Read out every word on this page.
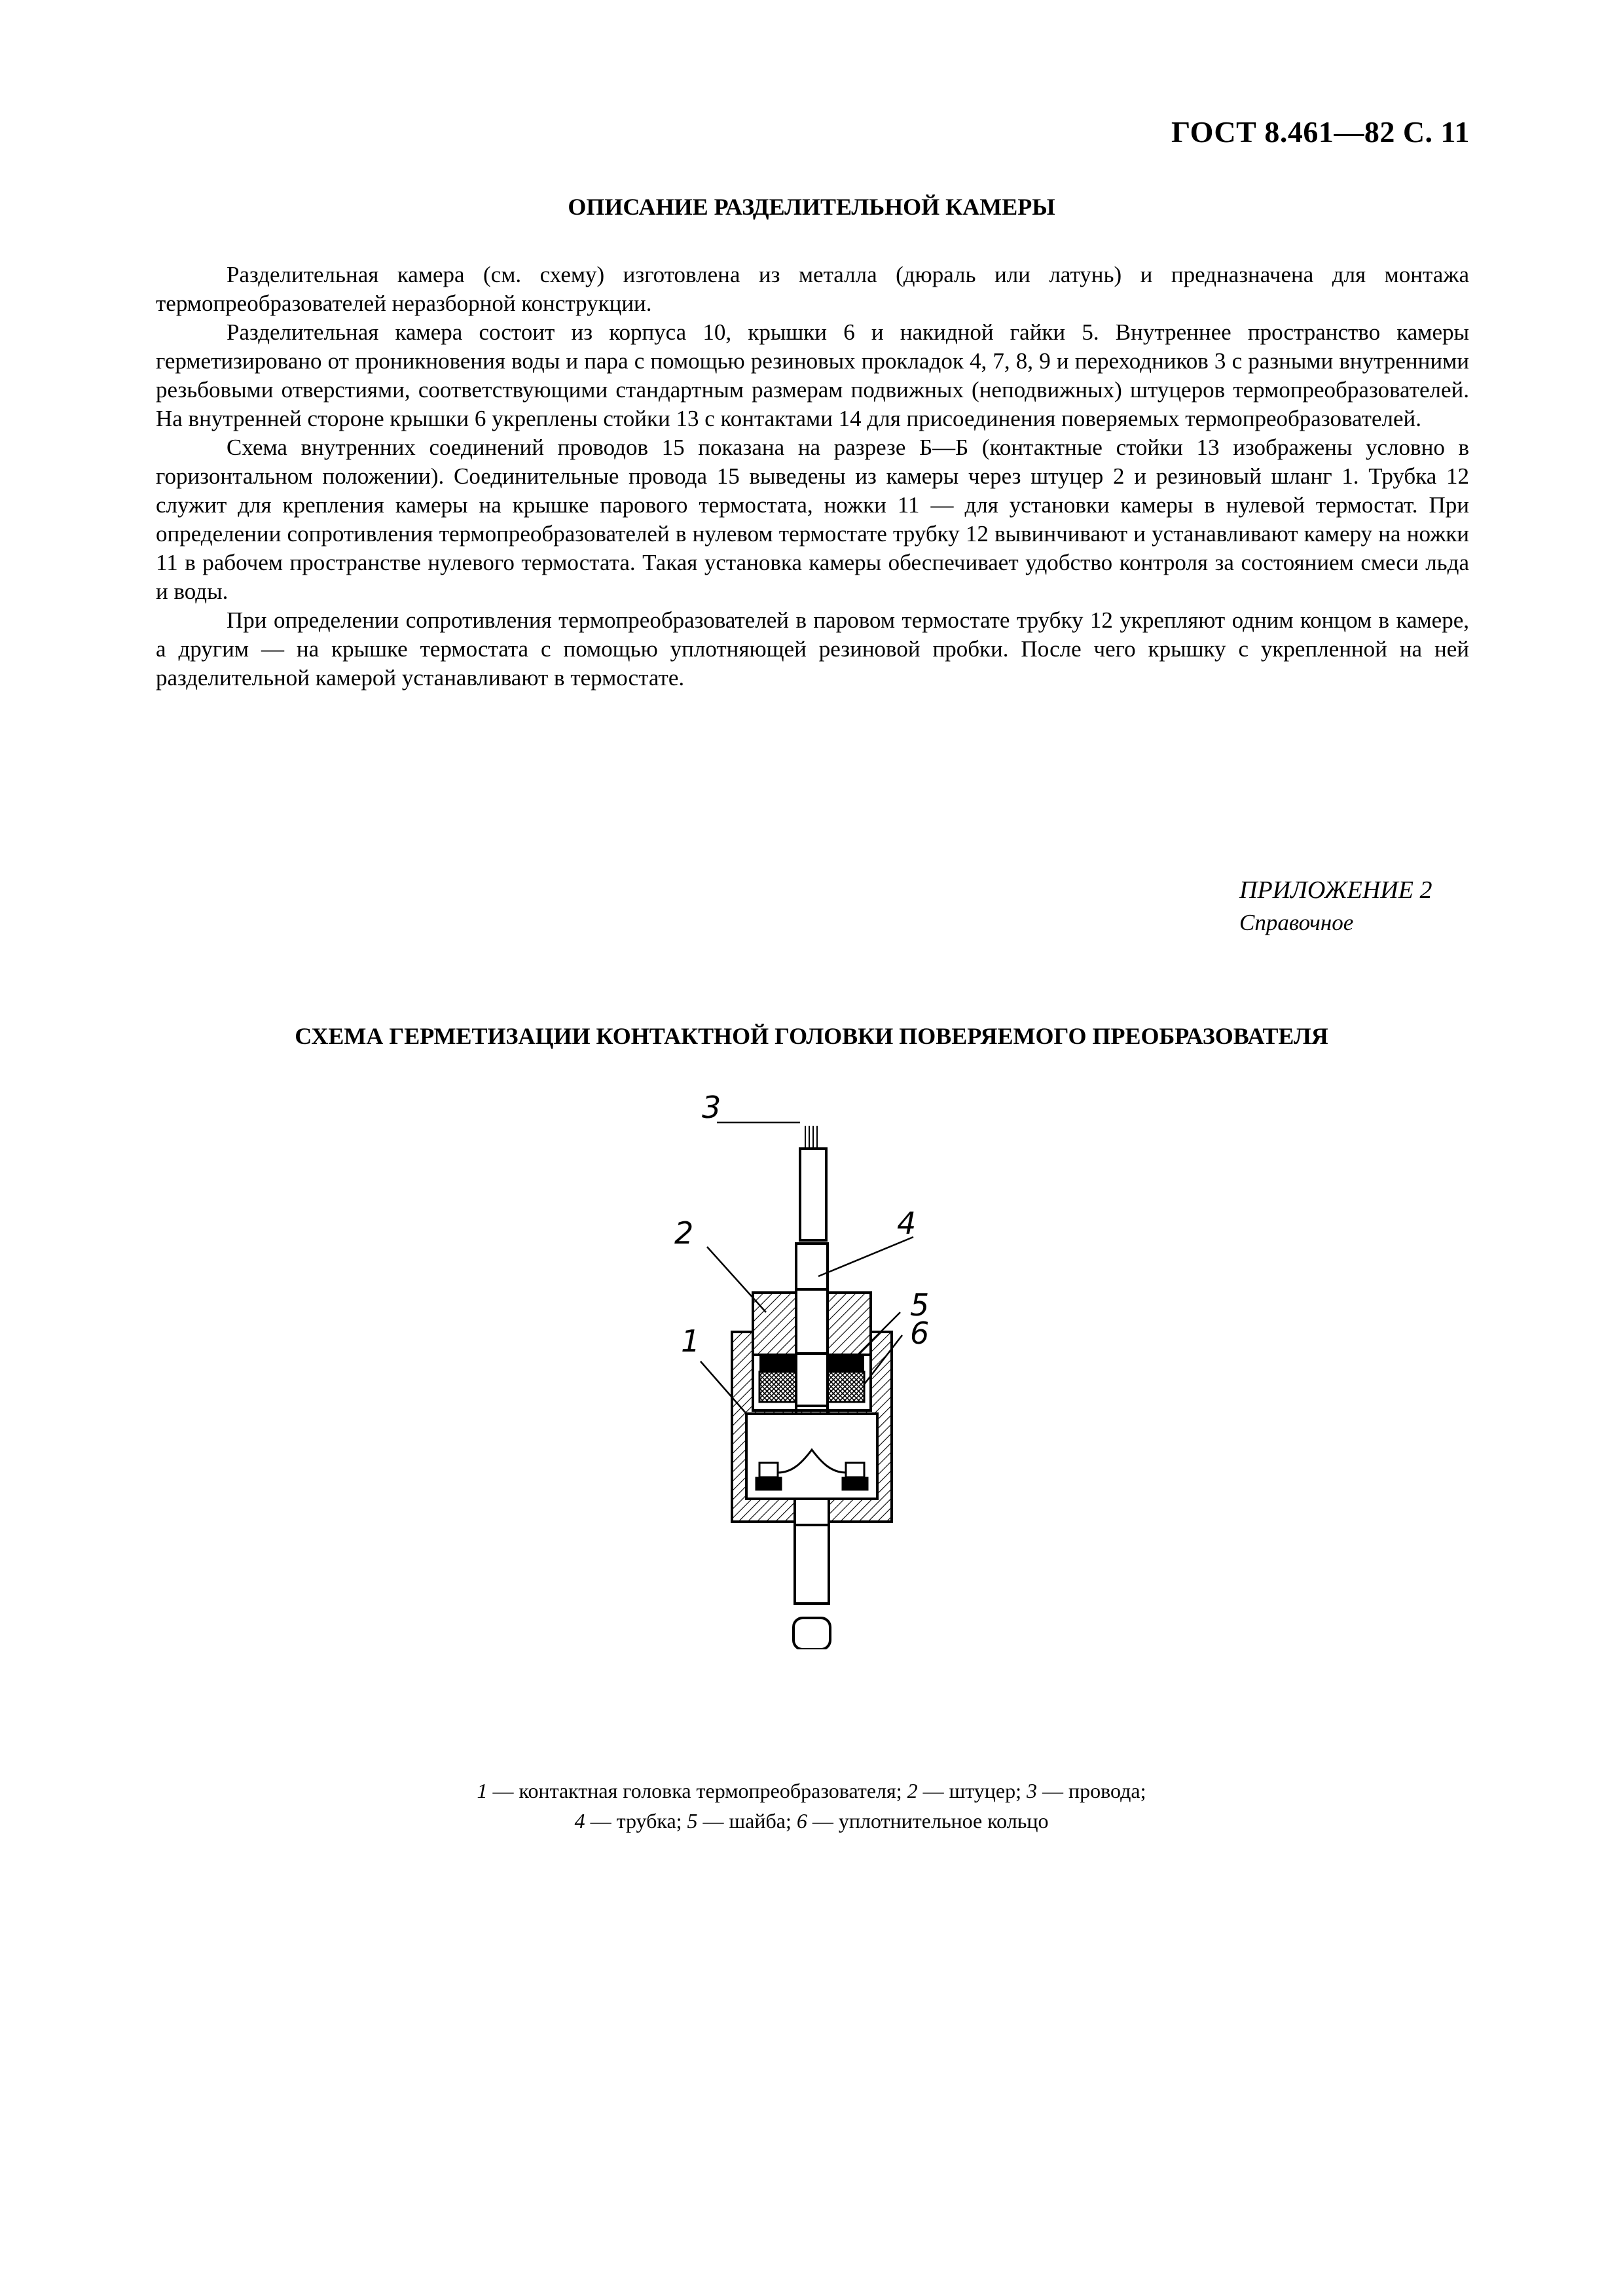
ГОСТ 8.461—82 С. 11
ОПИСАНИЕ РАЗДЕЛИТЕЛЬНОЙ КАМЕРЫ

Разделительная камера (см. схему) изготовлена из металла (дюраль или латунь) и предназначена для монтажа термопреобразователей неразборной конструкции.

Разделительная камера состоит из корпуса 10, крышки 6 и накидной гайки 5. Внутреннее пространство камеры герметизировано от проникновения воды и пара с помощью резиновых прокладок 4, 7, 8, 9 и переходников 3 с разными внутренними резьбовыми отверстиями, соответствующими стандартным размерам подвижных (неподвижных) штуцеров термопреобразователей. На внутренней стороне крышки 6 укреплены стойки 13 с контактами 14 для присоединения поверяемых термопреобразователей.

Схема внутренних соединений проводов 15 показана на разрезе Б—Б (контактные стойки 13 изображены условно в горизонтальном положении). Соединительные провода 15 выведены из камеры через штуцер 2 и резиновый шланг 1. Трубка 12 служит для крепления камеры на крышке парового термостата, ножки 11 — для установки камеры в нулевой термостат. При определении сопротивления термопреобразователей в нулевом термостате трубку 12 вывинчивают и устанавливают камеру на ножки 11 в рабочем пространстве нулевого термостата. Такая установка камеры обеспечивает удобство контроля за состоянием смеси льда и воды.

При определении сопротивления термопреобразователей в паровом термостате трубку 12 укрепляют одним концом в камере, а другим — на крышке термостата с помощью уплотняющей резиновой пробки. После чего крышку с укрепленной на ней разделительной камерой устанавливают в термостате.

ПРИЛОЖЕНИЕ 2
Справочное
СХЕМА ГЕРМЕТИЗАЦИИ КОНТАКТНОЙ ГОЛОВКИ ПОВЕРЯЕМОГО ПРЕОБРАЗОВАТЕЛЯ
3
4
2
5
6
1
1 — контактная головка термопреобразователя; 2 — штуцер; 3 — провода;
4 — трубка; 5 — шайба; 6 — уплотнительное кольцо
